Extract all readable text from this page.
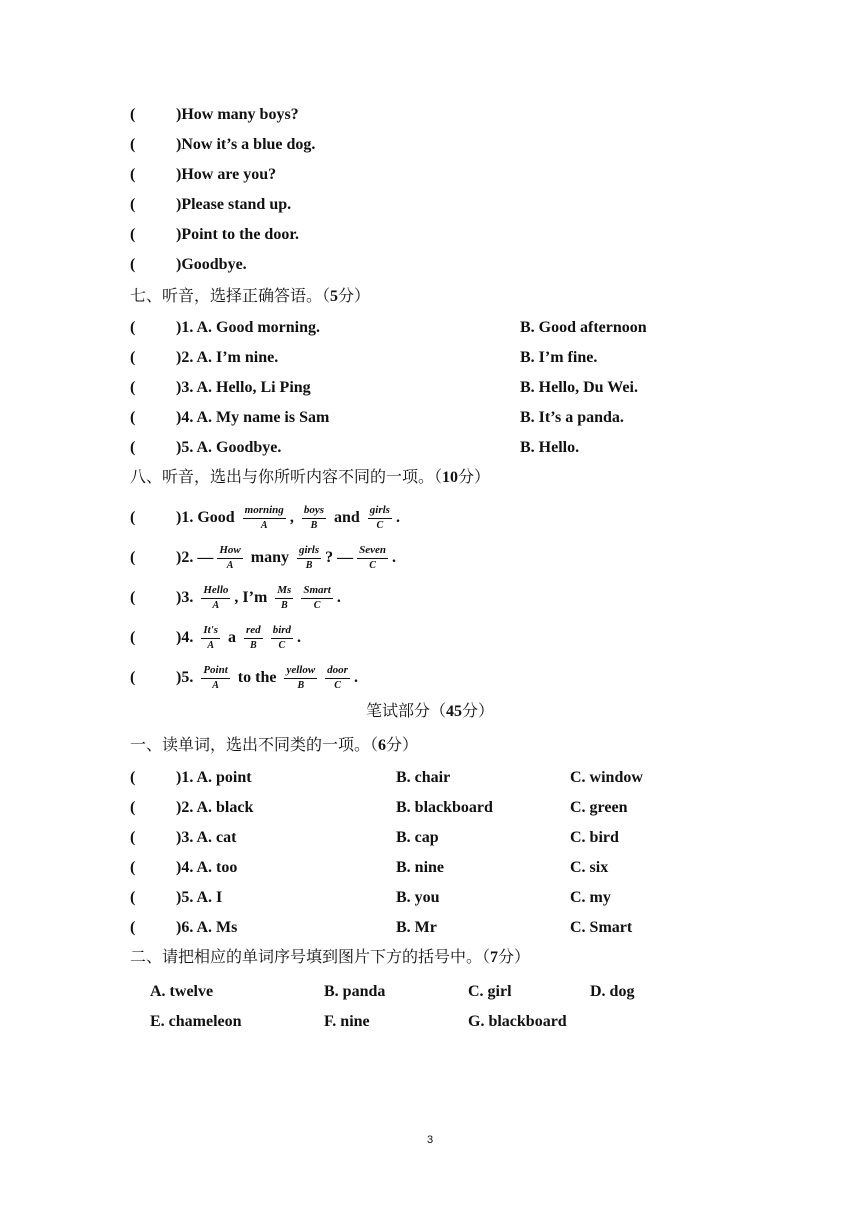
(	)How many boys?
(	)Now it’s a blue dog.
(	)How are you?
(	)Please stand up.
(	)Point to the door.
(	)Goodbye.
七、听音，选择正确答语。（5分）
(	)1. A. Good morning.	B. Good afternoon
(	)2. A. I’m nine.	B. I’m fine.
(	)3. A. Hello, Li Ping	B. Hello, Du Wei.
(	)4. A. My name is Sam	B. It’s a panda.
(	)5. A. Goodbye.	B. Hello.
八、听音，选出与你所听内容不同的一项。（10分）
(	)1. Good $\frac{\text{morning}}{A}$ , $\frac{\text{boys}}{B}$ and $\frac{\text{girls}}{C}$ .
(	)2. — $\frac{\text{How}}{A}$ many $\frac{\text{girls}}{B}$ ? — $\frac{\text{Seven}}{C}$ .
(	)3. $\frac{\text{Hello}}{A}$ , I’m $\frac{Ms}{B} \frac{\text{Smart}}{C}$ .
(	)4. $\frac{It's}{A}$ a $\frac{\text{red}}{B} \frac{\text{bird}}{C}$ .
(	)5. $\frac{\text{Point}}{A}$ to the $\frac{\text{yellow}}{B} \frac{\text{door}}{C}$ .
笔试部分（45分）
一、读单词，选出不同类的一项。（6分）
(	)1. A. point	B. chair	C. window
(	)2. A. black	B. blackboard	C. green
(	)3. A. cat	B. cap	C. bird
(	)4. A. too	B. nine	C. six
(	)5. A. I	B. you	C. my
(	)6. A. Ms	B. Mr	C. Smart
二、请把相应的单词序号填到图片下方的括号中。（7分）
A. twelve	B. panda	C. girl	D. dog
E. chameleon	F. nine	G. blackboard
3
